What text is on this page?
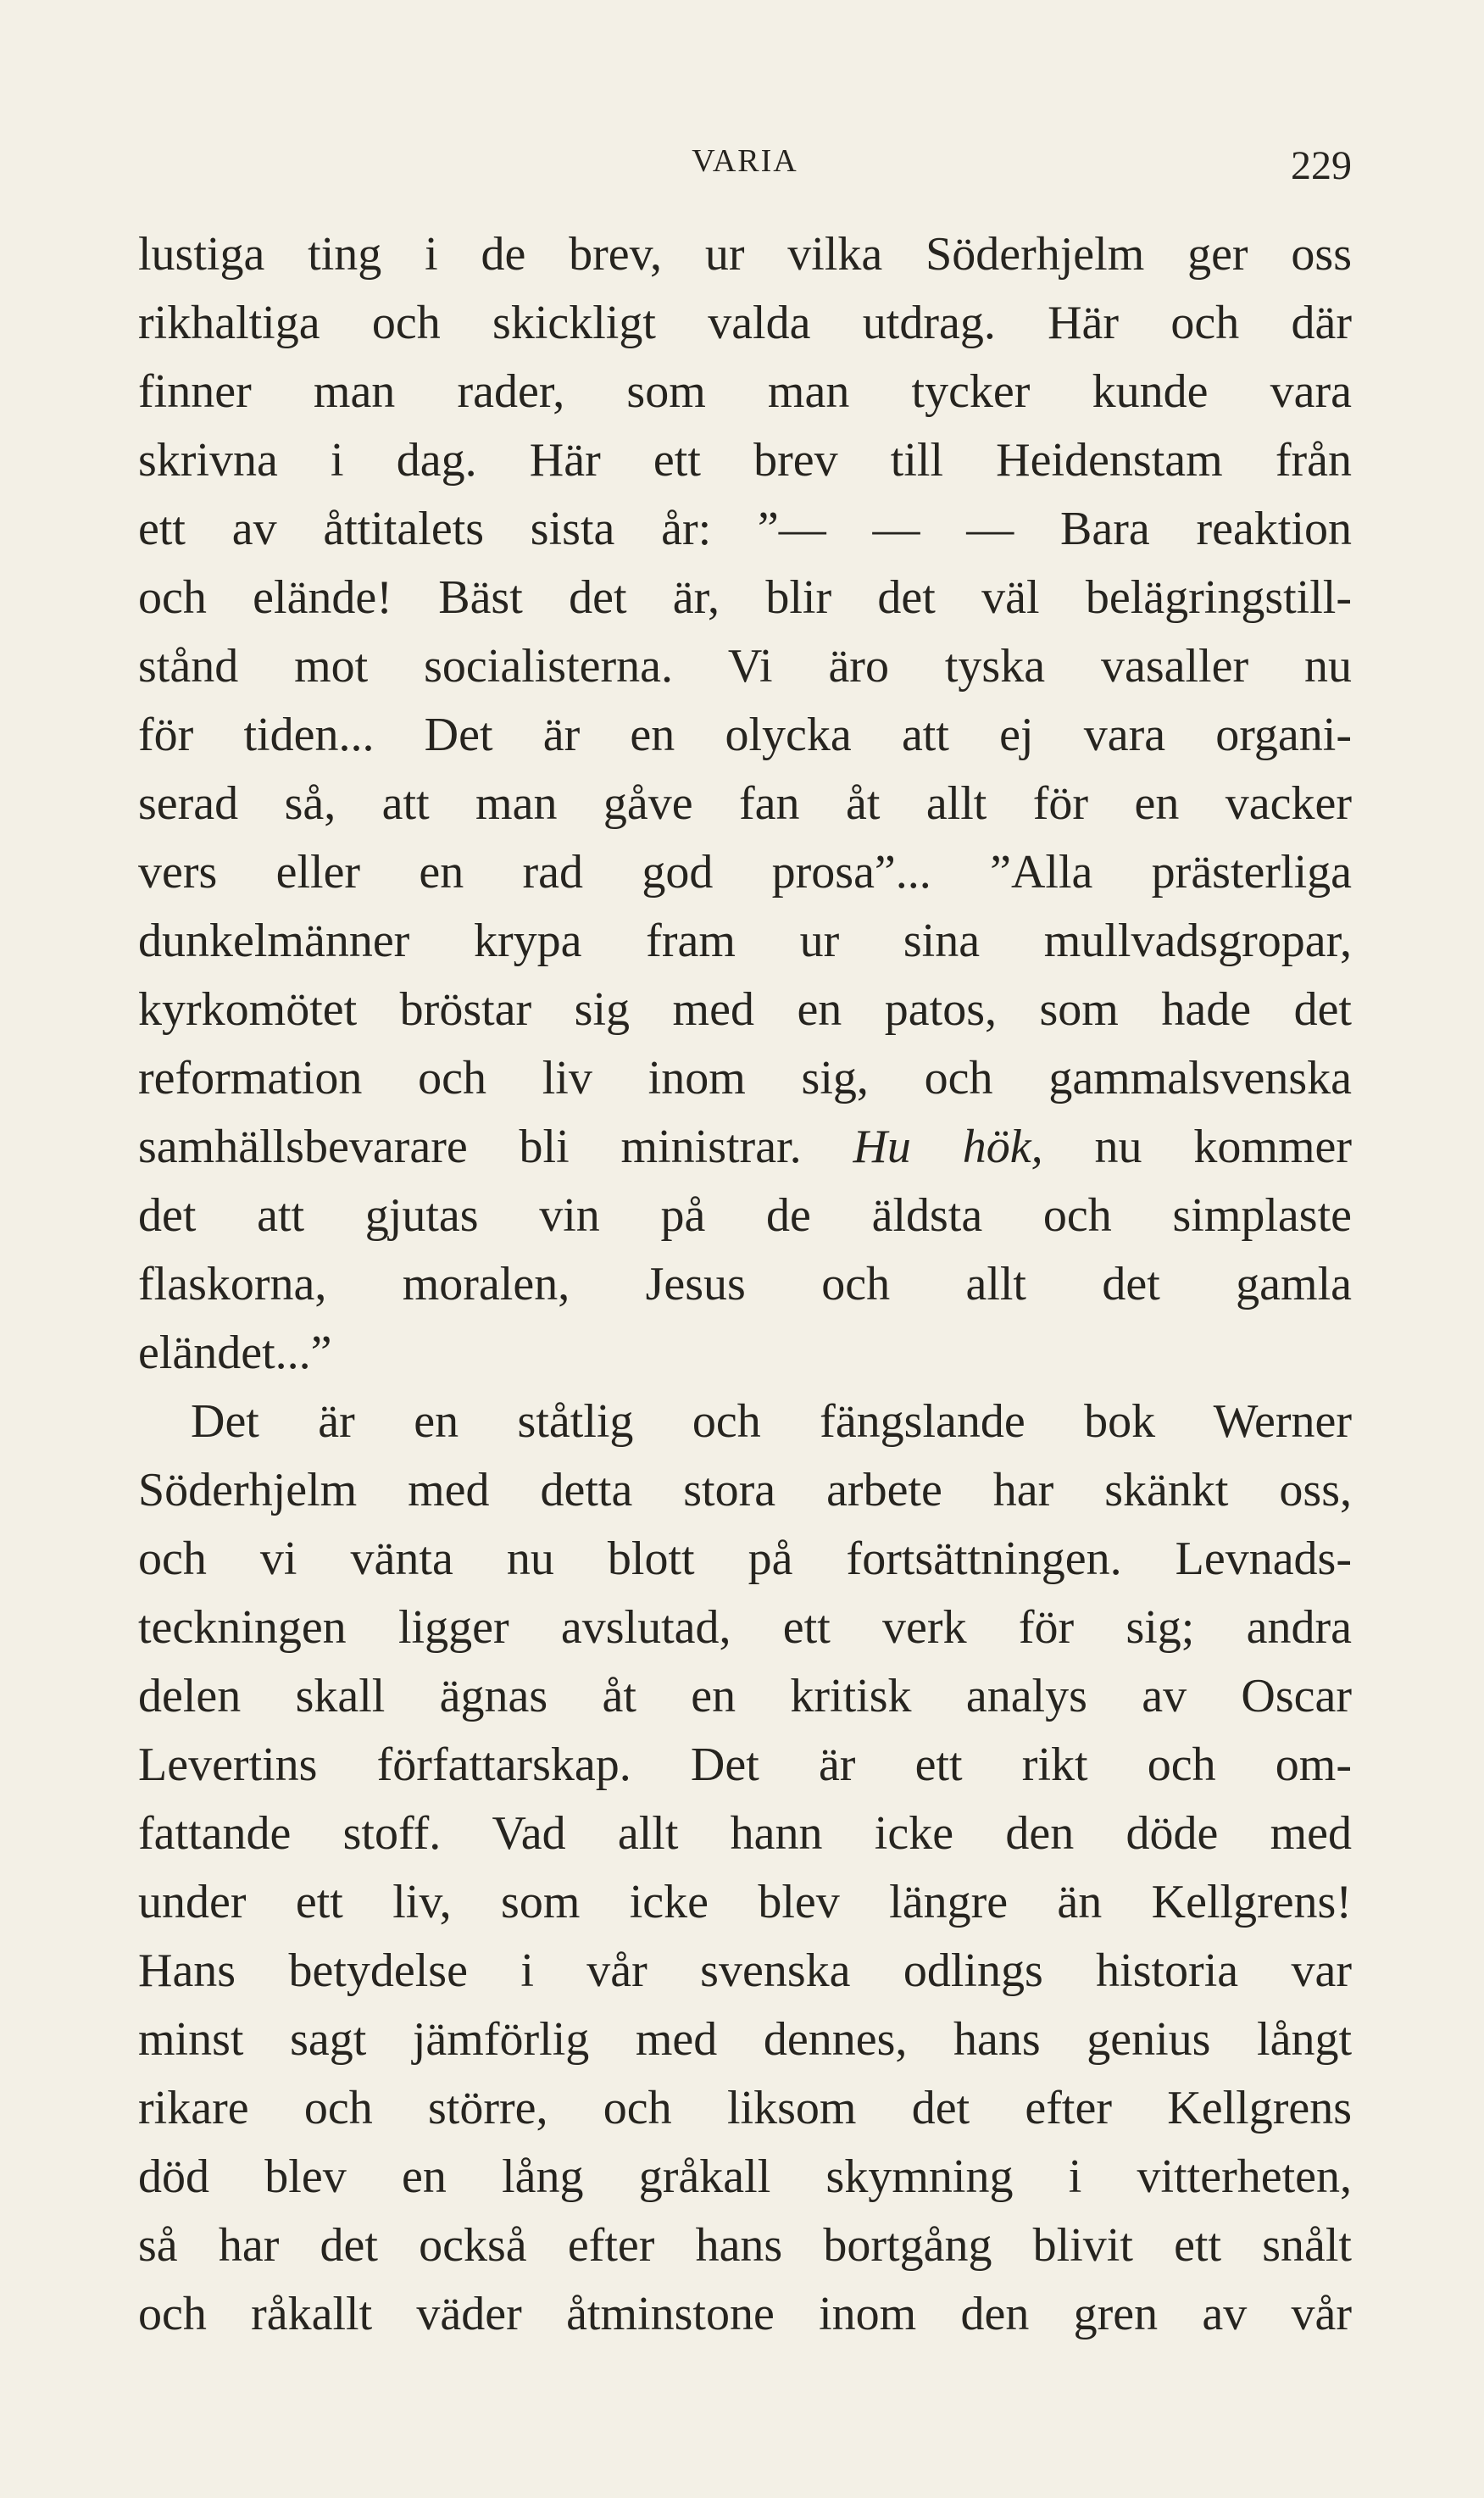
VARIA	229
lustiga ting i de brev, ur vilka Söderhjelm ger oss
rikhaltiga och skickligt valda utdrag. Här och där
finner man rader, som man tycker kunde vara
skrivna i dag. Här ett brev till Heidenstam från
ett av åttitalets sista år: ”— — — Bara reaktion
och elände! Bäst det är, blir det väl belägringstill-
stånd mot socialisterna. Vi äro tyska vasaller nu
för tiden... Det är en olycka att ej vara organi-
serad så, att man gåve fan åt allt för en vacker
vers eller en rad god prosa”... ”Alla prästerliga
dunkelmänner krypa fram ur sina mullvadsgropar,
kyrkomötet bröstar sig med en patos, som hade det
reformation och liv inom sig, och gammalsvenska
samhällsbevarare bli ministrar. Hu hök, nu kommer
det att gjutas vin på de äldsta och simplaste
flaskorna, moralen, Jesus och allt det gamla
eländet...”
Det är en ståtlig och fängslande bok Werner
Söderhjelm med detta stora arbete har skänkt oss,
och vi vänta nu blott på fortsättningen. Levnads-
teckningen ligger avslutad, ett verk för sig; andra
delen skall ägnas åt en kritisk analys av Oscar
Levertins författarskap. Det är ett rikt och om-
fattande stoff. Vad allt hann icke den döde med
under ett liv, som icke blev längre än Kellgrens!
Hans betydelse i vår svenska odlings historia var
minst sagt jämförlig med dennes, hans genius långt
rikare och större, och liksom det efter Kellgrens
död blev en lång gråkall skymning i vitterheten,
så har det också efter hans bortgång blivit ett snålt
och råkallt väder åtminstone inom den gren av vår
